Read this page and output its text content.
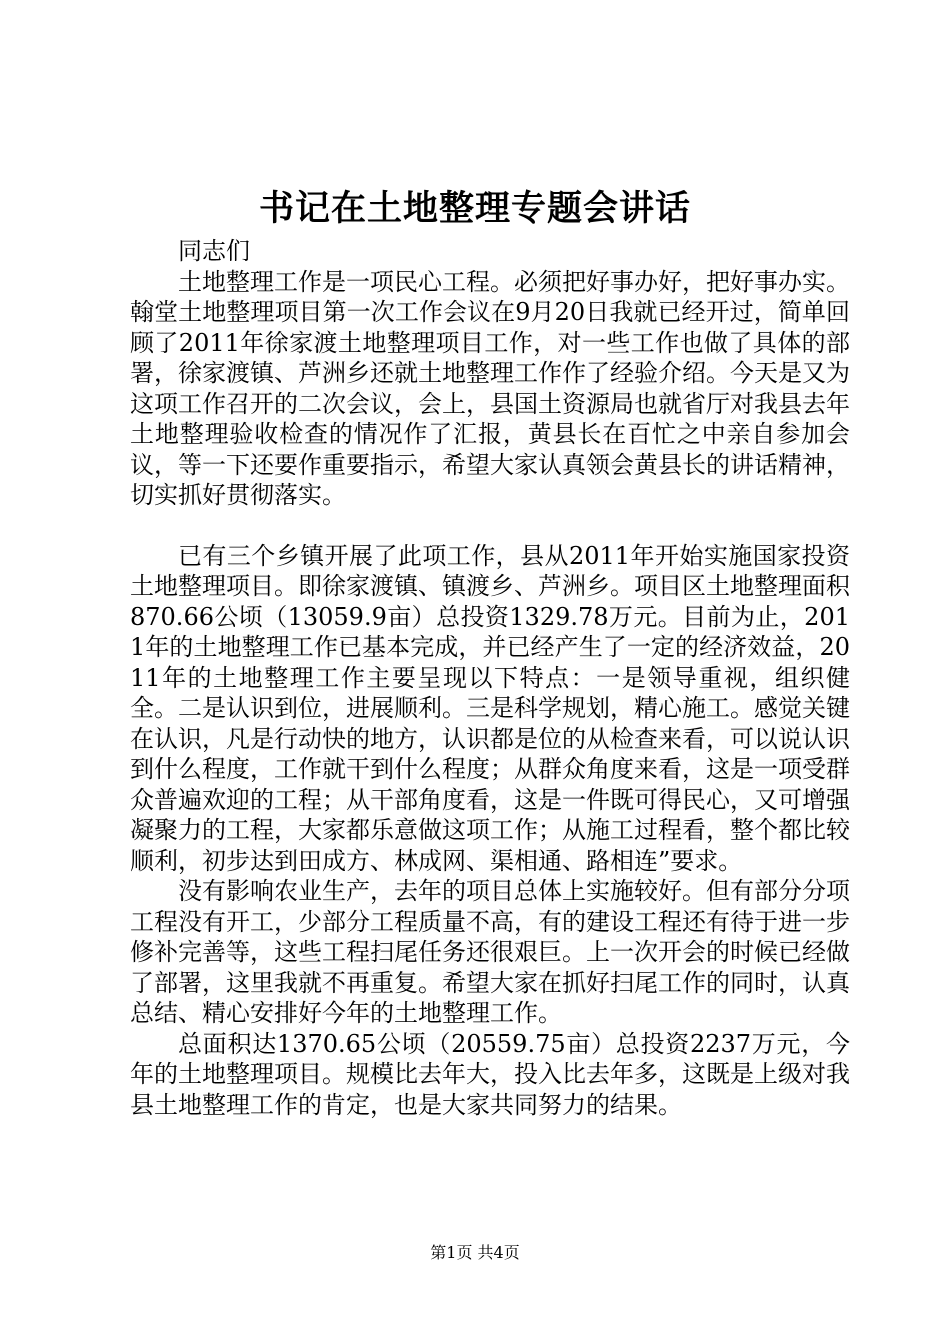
书记在土地整理专题会讲话

同志们

土地整理工作是一项民心工程。必须把好事办好，把好事办实。翰堂土地整理项目第一次工作会议在9月20日我就已经开过，简单回顾了2011年徐家渡土地整理项目工作，对一些工作也做了具体的部署，徐家渡镇、芦洲乡还就土地整理工作作了经验介绍。今天是又为这项工作召开的二次会议，会上，县国土资源局也就省厅对我县去年土地整理验收检查的情况作了汇报，黄县长在百忙之中亲自参加会议，等一下还要作重要指示，希望大家认真领会黄县长的讲话精神，切实抓好贯彻落实。

已有三个乡镇开展了此项工作，县从2011年开始实施国家投资土地整理项目。即徐家渡镇、镇渡乡、芦洲乡。项目区土地整理面积870.66公顷（13059.9亩）总投资1329.78万元。目前为止，2011年的土地整理工作已基本完成，并已经产生了一定的经济效益，2011年的土地整理工作主要呈现以下特点：一是领导重视，组织健全。二是认识到位，进展顺利。三是科学规划，精心施工。感觉关键在认识，凡是行动快的地方，认识都是位的从检查来看，可以说认识到什么程度，工作就干到什么程度；从群众角度来看，这是一项受群众普遍欢迎的工程；从干部角度看，这是一件既可得民心，又可增强凝聚力的工程，大家都乐意做这项工作；从施工过程看，整个都比较顺利，初步达到田成方、林成网、渠相通、路相连”要求。

没有影响农业生产，去年的项目总体上实施较好。但有部分分项工程没有开工，少部分工程质量不高，有的建设工程还有待于进一步修补完善等，这些工程扫尾任务还很艰巨。上一次开会的时候已经做了部署，这里我就不再重复。希望大家在抓好扫尾工作的同时，认真总结、精心安排好今年的土地整理工作。

总面积达1370.65公顷（20559.75亩）总投资2237万元，今年的土地整理项目。规模比去年大，投入比去年多，这既是上级对我县土地整理工作的肯定，也是大家共同努力的结果。

第1页 共4页
